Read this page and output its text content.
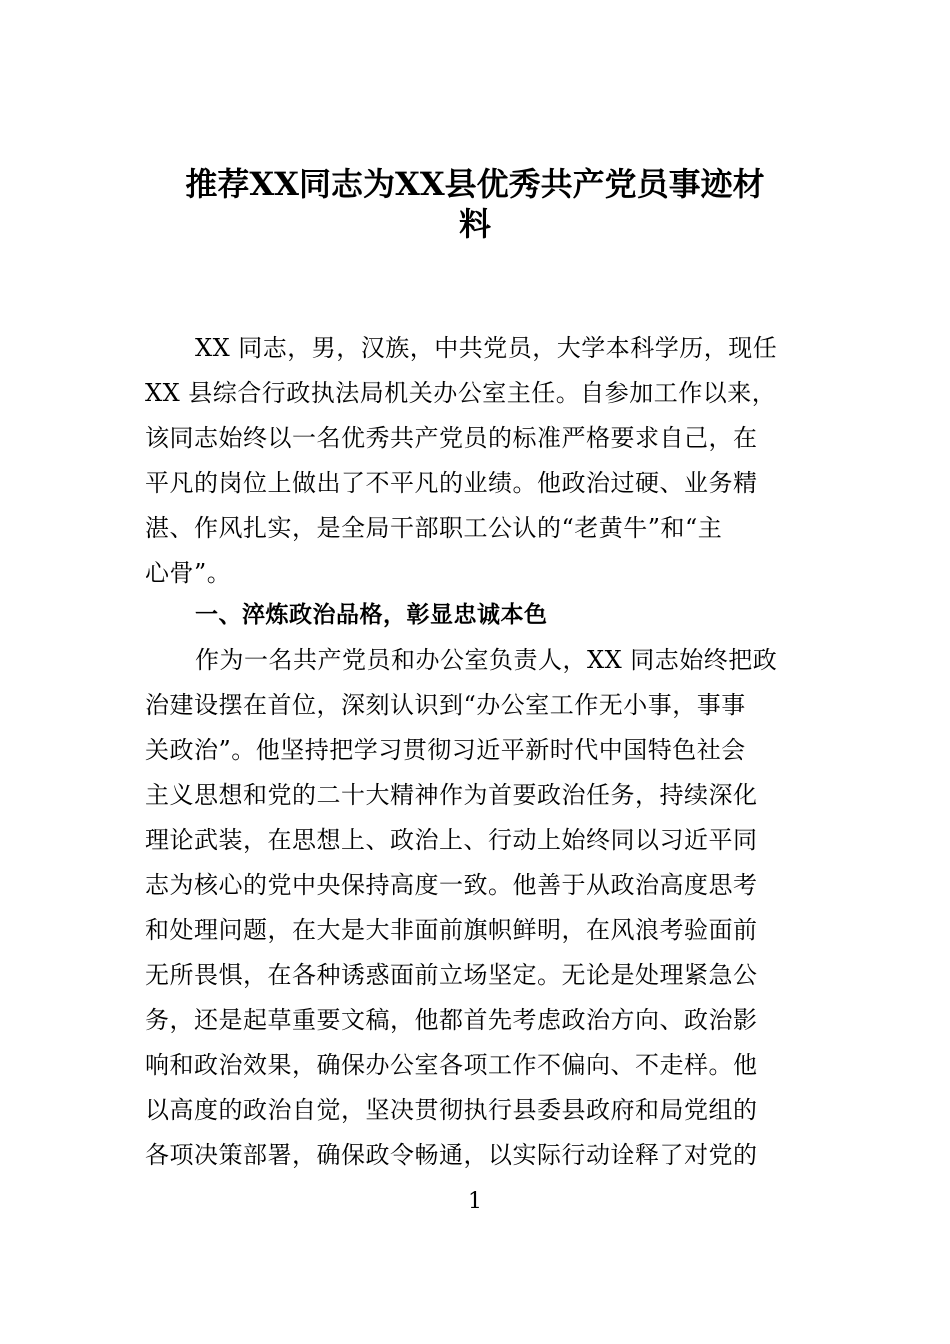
推荐XX同志为XX县优秀共产党员事迹材
料
XX 同志，男，汉族，中共党员，大学本科学历，现任
XX 县综合行政执法局机关办公室主任。自参加工作以来，
该同志始终以一名优秀共产党员的标准严格要求自己，在
平凡的岗位上做出了不平凡的业绩。他政治过硬、业务精
湛、作风扎实，是全局干部职工公认的“老黄牛”和“主
心骨”。
一、淬炼政治品格，彰显忠诚本色
作为一名共产党员和办公室负责人，XX 同志始终把政
治建设摆在首位，深刻认识到“办公室工作无小事，事事
关政治”。他坚持把学习贯彻习近平新时代中国特色社会
主义思想和党的二十大精神作为首要政治任务，持续深化
理论武装，在思想上、政治上、行动上始终同以习近平同
志为核心的党中央保持高度一致。他善于从政治高度思考
和处理问题，在大是大非面前旗帜鲜明，在风浪考验面前
无所畏惧，在各种诱惑面前立场坚定。无论是处理紧急公
务，还是起草重要文稿，他都首先考虑政治方向、政治影
响和政治效果，确保办公室各项工作不偏向、不走样。他
以高度的政治自觉，坚决贯彻执行县委县政府和局党组的
各项决策部署，确保政令畅通，以实际行动诠释了对党的
1
